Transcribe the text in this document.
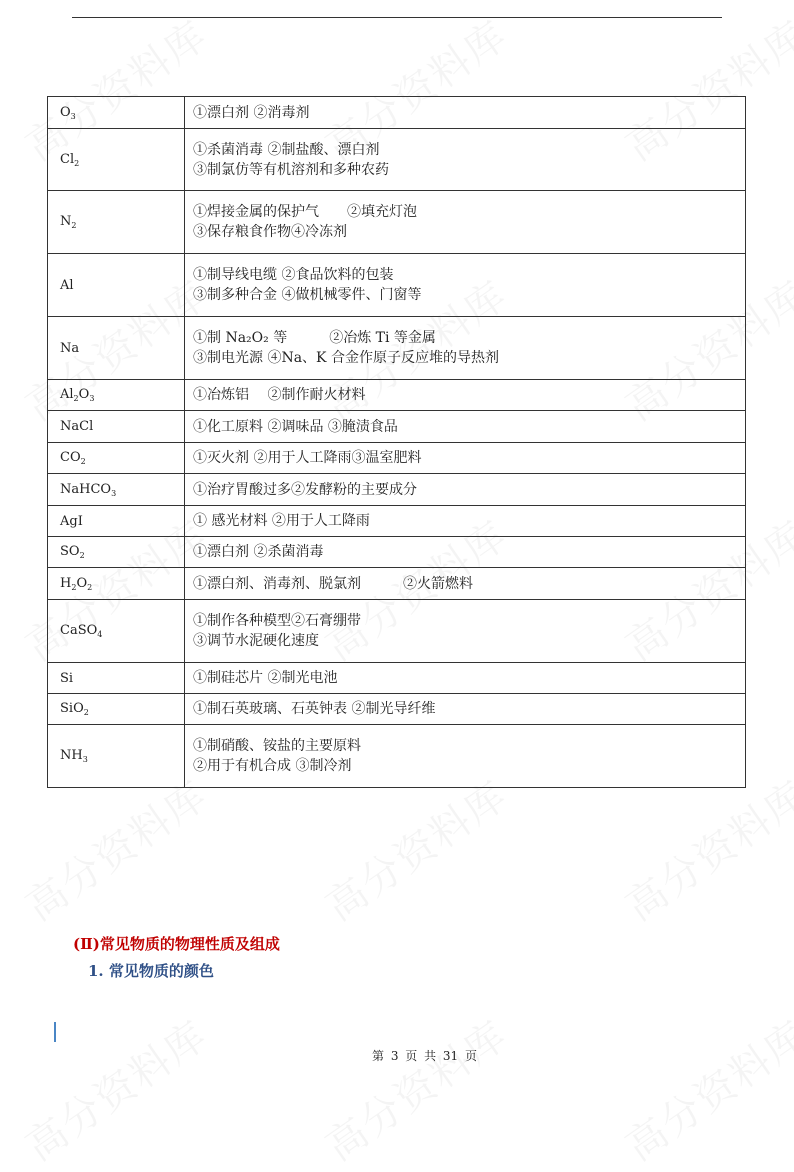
$O_3$	①漂白剂 ②消毒剂

$Cl_2$	①杀菌消毒 ②制盐酸、漂白剂
③制氯仿等有机溶剂和多种农药

$N_2$	①焊接金属的保护气　　②填充灯泡
③保存粮食作物④冷冻剂

Al	①制导线电缆 ②食品饮料的包装
③制多种合金 ④做机械零件、门窗等

Na	①制 Na₂O₂ 等　　　②冶炼 Ti 等金属
③制电光源 ④Na、K 合金作原子反应堆的导热剂

$Al_2O_3$	①冶炼铝　 ②制作耐火材料

NaCl	①化工原料 ②调味品 ③腌渍食品

$CO_2$	①灭火剂 ②用于人工降雨③温室肥料

NaHCO$_3$	①治疗胃酸过多②发酵粉的主要成分

AgI	① 感光材料 ②用于人工降雨

$SO_2$	①漂白剂 ②杀菌消毒

$H_2O_2$	①漂白剂、消毒剂、脱氯剂　　　②火箭燃料

CaSO$_4$	①制作各种模型②石膏绷带
③调节水泥硬化速度

Si	①制硅芯片 ②制光电池

SiO$_2$	①制石英玻璃、石英钟表 ②制光导纤维

$NH_3$	①制硝酸、铵盐的主要原料
②用于有机合成 ③制冷剂
(Ⅱ)常见物质的物理性质及组成
1. 常见物质的颜色
第 3 页 共 31 页
